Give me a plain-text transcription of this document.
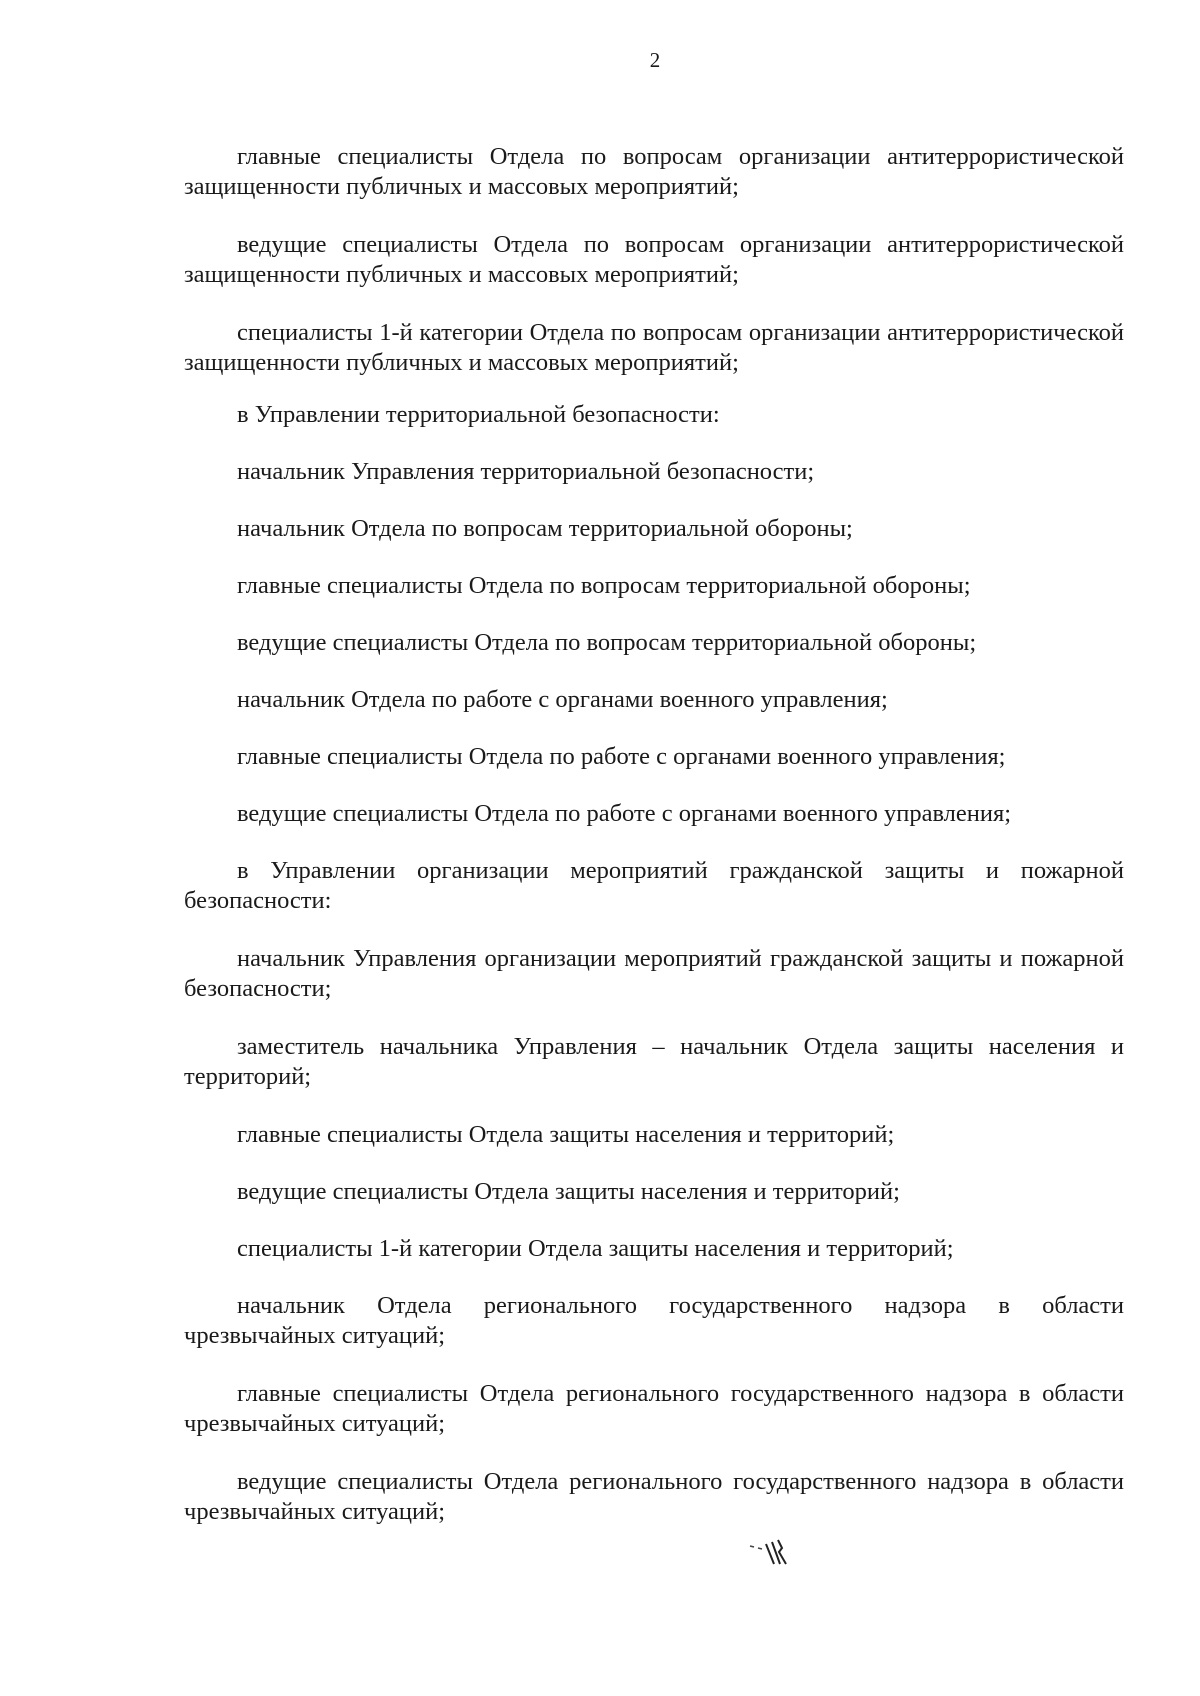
2

главные специалисты Отдела по вопросам организации антитеррористической защищенности публичных и массовых мероприятий;

ведущие специалисты Отдела по вопросам организации антитеррористической защищенности публичных и массовых мероприятий;

специалисты 1-й категории Отдела по вопросам организации антитеррористической защищенности публичных и массовых мероприятий;

в Управлении территориальной безопасности:

начальник Управления территориальной безопасности;

начальник Отдела по вопросам территориальной обороны;

главные специалисты Отдела по вопросам территориальной обороны;

ведущие специалисты Отдела по вопросам территориальной обороны;

начальник Отдела по работе с органами военного управления;

главные специалисты Отдела по работе с органами военного управления;

ведущие специалисты Отдела по работе с органами военного управления;

в Управлении организации мероприятий гражданской защиты и пожарной безопасности:

начальник Управления организации мероприятий гражданской защиты и пожарной безопасности;

заместитель начальника Управления – начальник Отдела защиты населения и территорий;

главные специалисты Отдела защиты населения и территорий;

ведущие специалисты Отдела защиты населения и территорий;

специалисты 1-й категории Отдела защиты населения и территорий;

начальник Отдела регионального государственного надзора в области чрезвычайных ситуаций;

главные специалисты Отдела регионального государственного надзора в области чрезвычайных ситуаций;

ведущие специалисты Отдела регионального государственного надзора в области чрезвычайных ситуаций;
